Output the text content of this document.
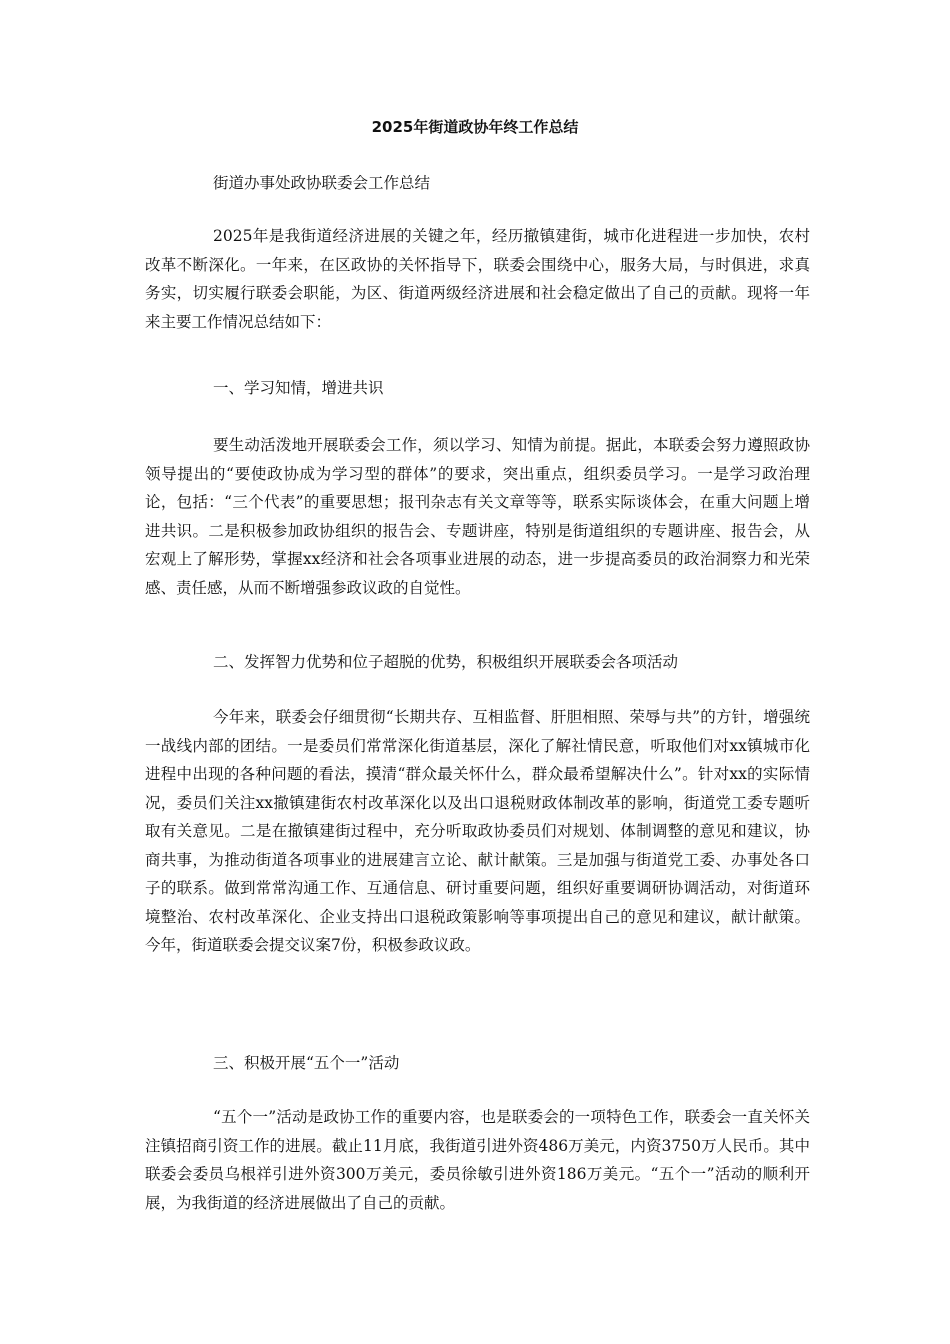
2025年街道政协年终工作总结

街道办事处政协联委会工作总结

2025年是我街道经济进展的关键之年，经历撤镇建街，城市化进程进一步加快，农村改革不断深化。一年来，在区政协的关怀指导下，联委会围绕中心，服务大局，与时俱进，求真务实，切实履行联委会职能，为区、街道两级经济进展和社会稳定做出了自己的贡献。现将一年来主要工作情况总结如下：

一、学习知情，增进共识

要生动活泼地开展联委会工作，须以学习、知情为前提。据此，本联委会努力遵照政协领导提出的“要使政协成为学习型的群体”的要求，突出重点，组织委员学习。一是学习政治理论，包括：“三个代表”的重要思想；报刊杂志有关文章等等，联系实际谈体会，在重大问题上增进共识。二是积极参加政协组织的报告会、专题讲座，特别是街道组织的专题讲座、报告会，从宏观上了解形势，掌握xx经济和社会各项事业进展的动态，进一步提高委员的政治洞察力和光荣感、责任感，从而不断增强参政议政的自觉性。

二、发挥智力优势和位子超脱的优势，积极组织开展联委会各项活动

今年来，联委会仔细贯彻“长期共存、互相监督、肝胆相照、荣辱与共”的方针，增强统一战线内部的团结。一是委员们常常深化街道基层，深化了解社情民意，听取他们对xx镇城市化进程中出现的各种问题的看法，摸清“群众最关怀什么，群众最希望解决什么”。针对xx的实际情况，委员们关注xx撤镇建街农村改革深化以及出口退税财政体制改革的影响，街道党工委专题听取有关意见。二是在撤镇建街过程中，充分听取政协委员们对规划、体制调整的意见和建议，协商共事，为推动街道各项事业的进展建言立论、献计献策。三是加强与街道党工委、办事处各口子的联系。做到常常沟通工作、互通信息、研讨重要问题，组织好重要调研协调活动，对街道环境整治、农村改革深化、企业支持出口退税政策影响等事项提出自己的意见和建议，献计献策。今年，街道联委会提交议案7份，积极参政议政。

三、积极开展“五个一”活动

“五个一”活动是政协工作的重要内容，也是联委会的一项特色工作，联委会一直关怀关注镇招商引资工作的进展。截止11月底，我街道引进外资486万美元，内资3750万人民币。其中联委会委员乌根祥引进外资300万美元，委员徐敏引进外资186万美元。“五个一”活动的顺利开展，为我街道的经济进展做出了自己的贡献。
